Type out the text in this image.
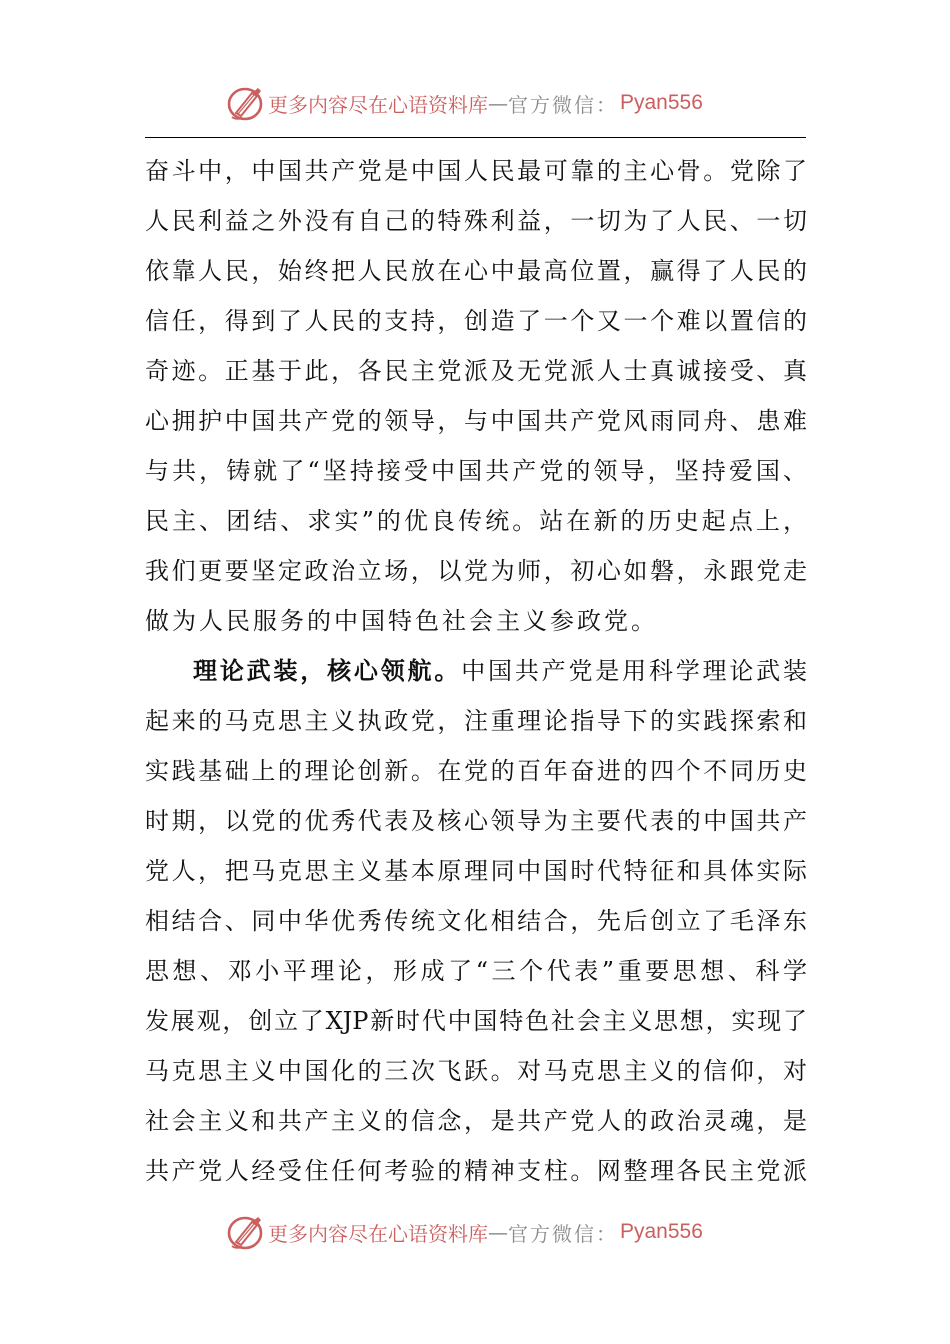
更多内容尽在心语资料库 — 官方微信： Pyan556
奋斗中，中国共产党是中国人民最可靠的主心骨。党除了
人民利益之外没有自己的特殊利益，一切为了人民、一切
依靠人民，始终把人民放在心中最高位置，赢得了人民的
信任，得到了人民的支持，创造了一个又一个难以置信的
奇迹。正基于此，各民主党派及无党派人士真诚接受、真
心拥护中国共产党的领导，与中国共产党风雨同舟、患难
与共，铸就了“坚持接受中国共产党的领导，坚持爱国、
民主、团结、求实”的优良传统。站在新的历史起点上，
我们更要坚定政治立场，以党为师，初心如磐，永跟党走
做为人民服务的中国特色社会主义参政党。
理论武装，核心领航。中国共产党是用科学理论武装
起来的马克思主义执政党，注重理论指导下的实践探索和
实践基础上的理论创新。在党的百年奋进的四个不同历史
时期，以党的优秀代表及核心领导为主要代表的中国共产
党人，把马克思主义基本原理同中国时代特征和具体实际
相结合、同中华优秀传统文化相结合，先后创立了毛泽东
思想、邓小平理论，形成了“三个代表”重要思想、科学
发展观，创立了XJP新时代中国特色社会主义思想，实现了
马克思主义中国化的三次飞跃。对马克思主义的信仰，对
社会主义和共产主义的信念，是共产党人的政治灵魂，是
共产党人经受住任何考验的精神支柱。网整理各民主党派
更多内容尽在心语资料库 — 官方微信： Pyan556
